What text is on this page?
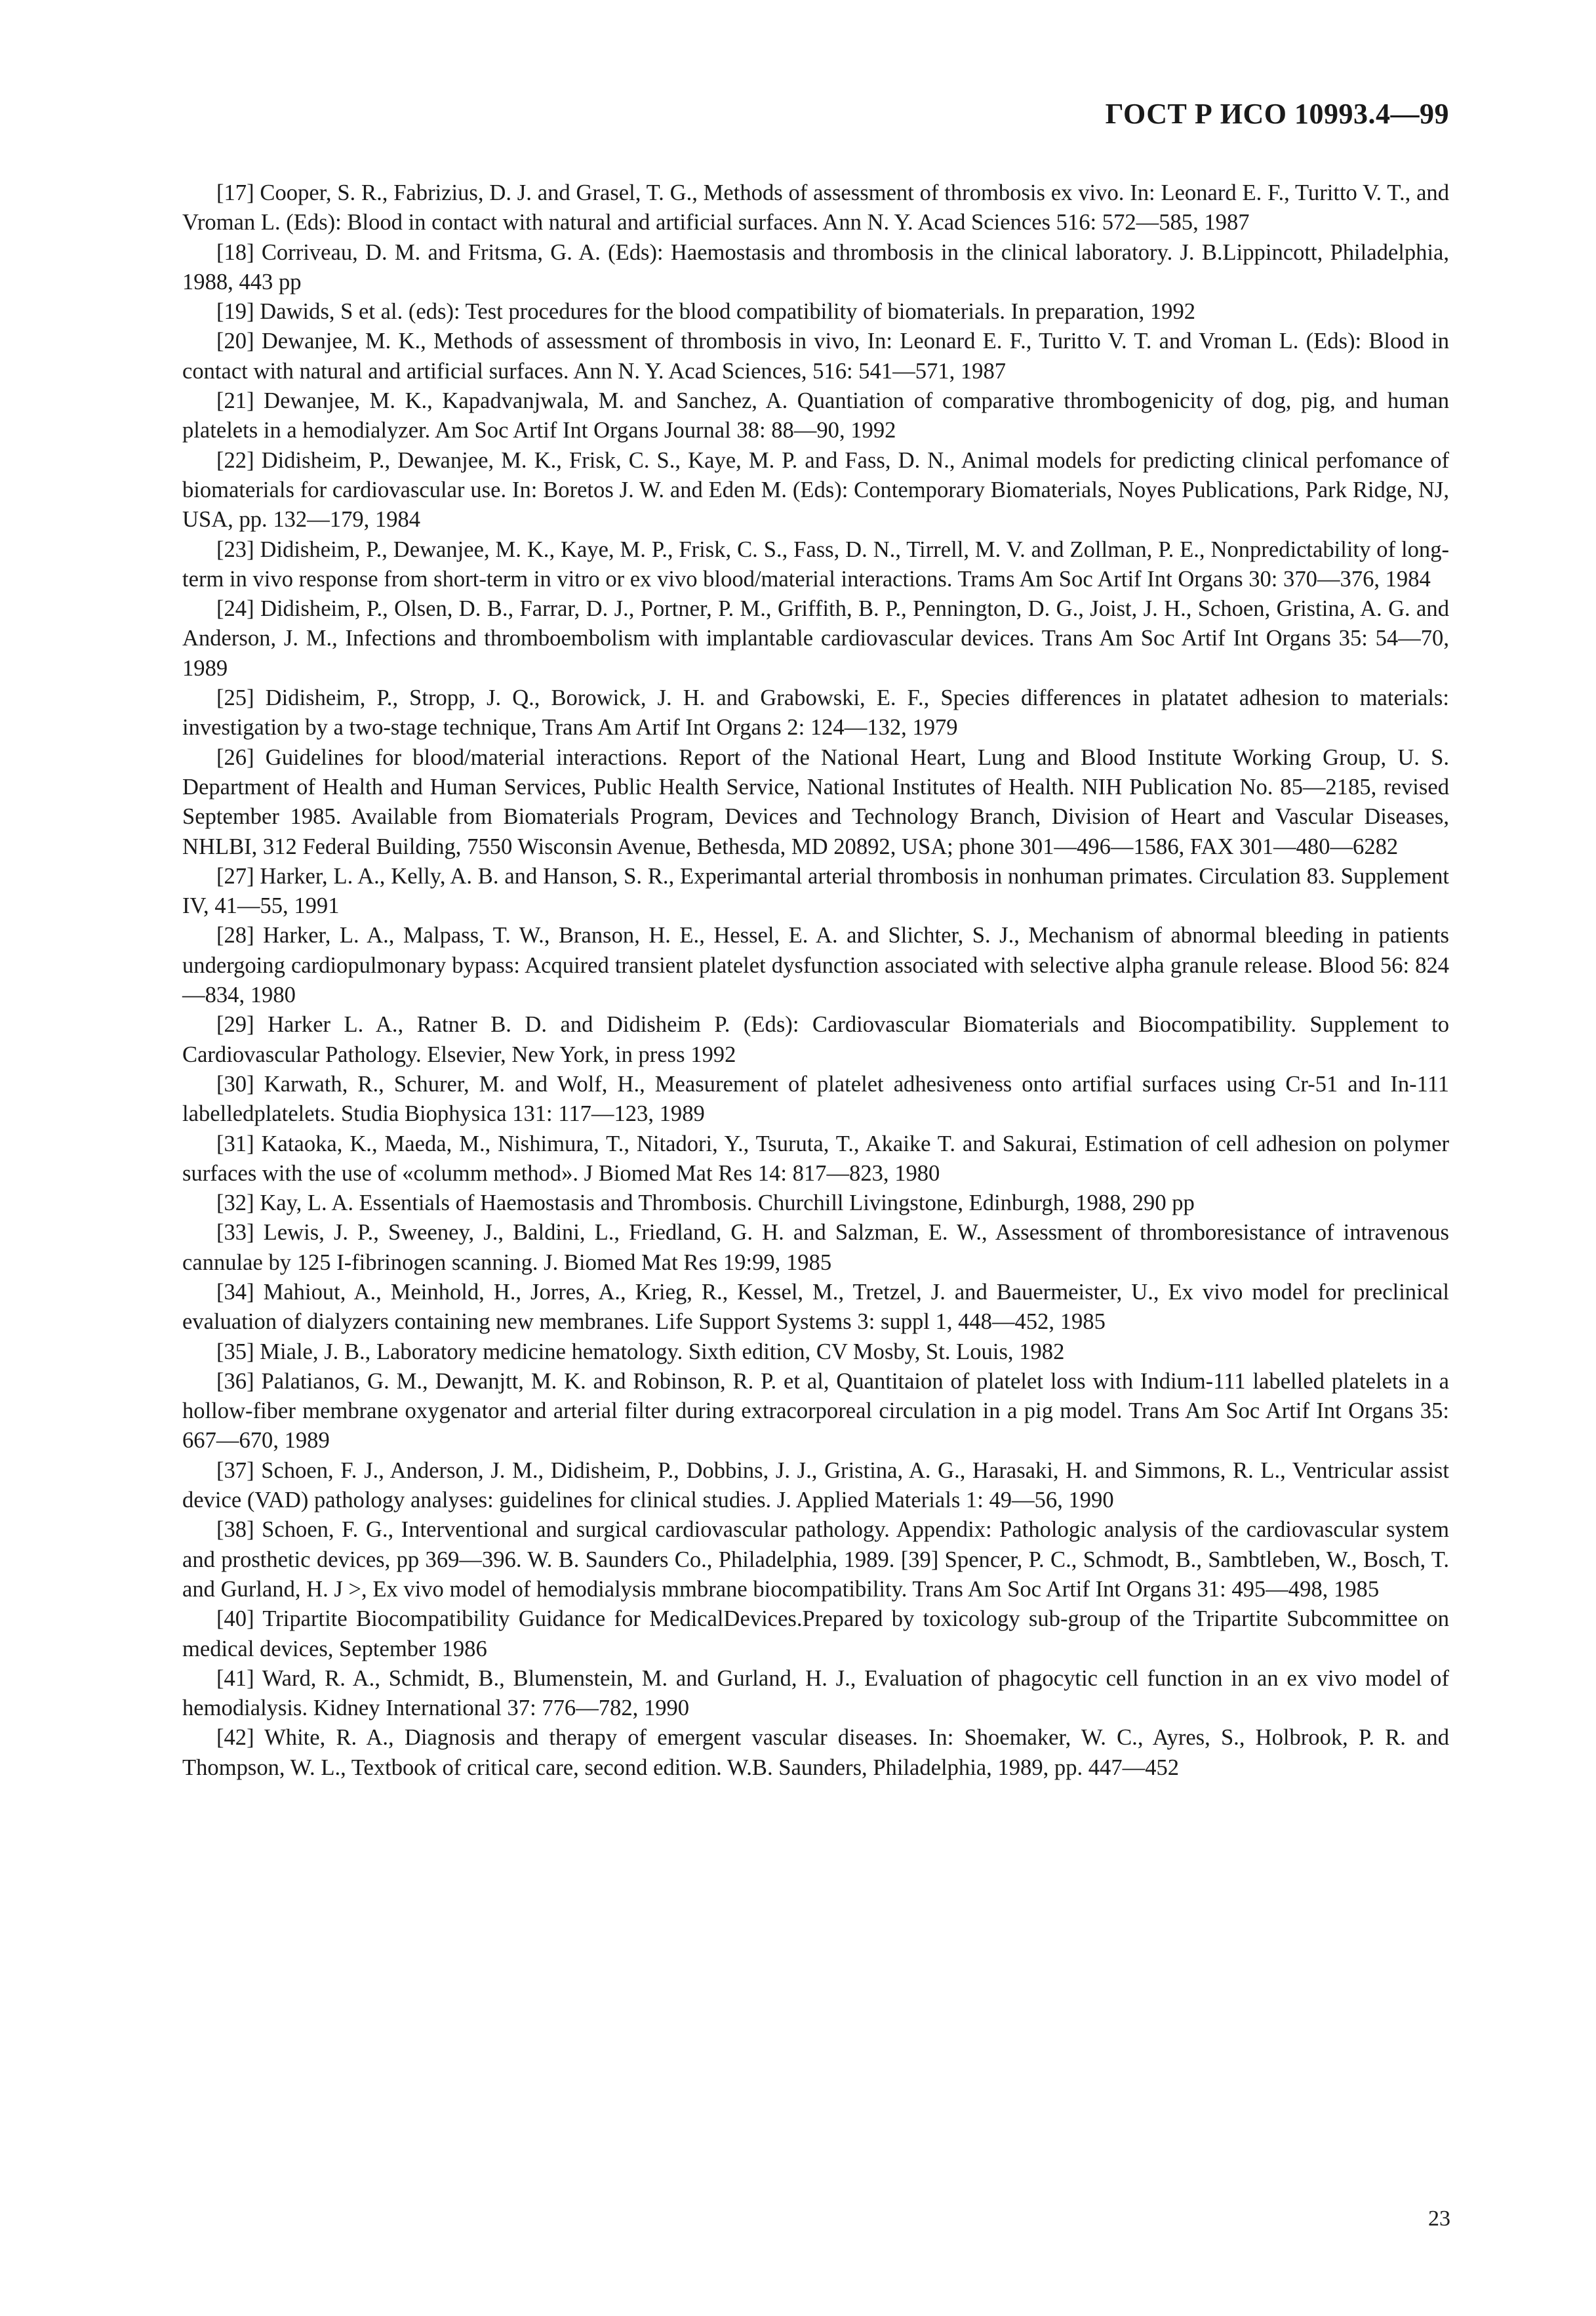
ГОСТ Р ИСО 10993.4—99

[17] Cooper, S. R., Fabrizius, D. J. and Grasel, T. G., Methods of assessment of thrombosis ex vivo. In: Leonard E. F., Turitto V. T., and Vroman L. (Eds): Blood in contact with natural and artificial surfaces. Ann N. Y. Acad Sciences 516: 572—585, 1987

[18] Corriveau, D. M. and Fritsma, G. A. (Eds): Haemostasis and thrombosis in the clinical laboratory. J. B.Lippincott, Philadelphia, 1988, 443 pp

[19] Dawids, S et al. (eds): Test procedures for the blood compatibility of biomaterials. In preparation, 1992

[20] Dewanjee, M. K., Methods of assessment of thrombosis in vivo, In: Leonard E. F., Turitto V. T. and Vroman L. (Eds): Blood in contact with natural and artificial surfaces. Ann N. Y. Acad Sciences, 516: 541—571, 1987

[21] Dewanjee, M. K., Kapadvanjwala, M. and Sanchez, A. Quantiation of comparative thrombogenicity of dog, pig, and human platelets in a hemodialyzer. Am Soc Artif Int Organs Journal 38: 88—90, 1992

[22] Didisheim, P., Dewanjee, M. K., Frisk, C. S., Kaye, M. P. and Fass, D. N., Animal models for predicting clinical perfomance of biomaterials for cardiovascular use. In: Boretos J. W. and Eden M. (Eds): Contemporary Biomaterials, Noyes Publications, Park Ridge, NJ, USA, pp. 132—179, 1984

[23] Didisheim, P., Dewanjee, M. K., Kaye, M. P., Frisk, C. S., Fass, D. N., Tirrell, M. V. and Zollman, P. E., Nonpredictability of long-term in vivo response from short-term in vitro or ex vivo blood/material interactions. Trams Am Soc Artif Int Organs 30: 370—376, 1984

[24] Didisheim, P., Olsen, D. B., Farrar, D. J., Portner, P. M., Griffith, B. P., Pennington, D. G., Joist, J. H., Schoen, Gristina, A. G. and Anderson, J. M., Infections and thromboembolism with implantable cardiovascular devices. Trans Am Soc Artif Int Organs 35: 54—70, 1989

[25] Didisheim, P., Stropp, J. Q., Borowick, J. H. and Grabowski, E. F., Species differences in platatet adhesion to materials: investigation by a two-stage technique, Trans Am Artif Int Organs 2: 124—132, 1979

[26] Guidelines for blood/material interactions. Report of the National Heart, Lung and Blood Institute Working Group, U. S. Department of Health and Human Services, Public Health Service, National Institutes of Health. NIH Publication No. 85—2185, revised September 1985. Available from Biomaterials Program, Devices and Technology Branch, Division of Heart and Vascular Diseases, NHLBI, 312 Federal Building, 7550 Wisconsin Avenue, Bethesda, MD 20892, USA; phone 301—496—1586, FAX 301—480—6282

[27] Harker, L. A., Kelly, A. B. and Hanson, S. R., Experimantal arterial thrombosis in nonhuman primates. Circulation 83. Supplement IV, 41—55, 1991

[28] Harker, L. A., Malpass, T. W., Branson, H. E., Hessel, E. A. and Slichter, S. J., Mechanism of abnormal bleeding in patients undergoing cardiopulmonary bypass: Acquired transient platelet dysfunction associated with selective alpha granule release. Blood 56: 824—834, 1980

[29] Harker L. A., Ratner B. D. and Didisheim P. (Eds): Cardiovascular Biomaterials and Biocompatibility. Supplement to Cardiovascular Pathology. Elsevier, New York, in press 1992

[30] Karwath, R., Schurer, M. and Wolf, H., Measurement of platelet adhesiveness onto artifial surfaces using Cr-51 and In-111 labelledplatelets. Studia Biophysica 131: 117—123, 1989

[31] Kataoka, K., Maeda, M., Nishimura, T., Nitadori, Y., Tsuruta, T., Akaike T. and Sakurai, Estimation of cell adhesion on polymer surfaces with the use of «columm method». J Biomed Mat Res 14: 817—823, 1980

[32] Kay, L. A. Essentials of Haemostasis and Thrombosis. Churchill Livingstone, Edinburgh, 1988, 290 pp

[33] Lewis, J. P., Sweeney, J., Baldini, L., Friedland, G. H. and Salzman, E. W., Assessment of thromboresistance of intravenous cannulae by 125 I-fibrinogen scanning. J. Biomed Mat Res 19:99, 1985

[34] Mahiout, A., Meinhold, H., Jorres, A., Krieg, R., Kessel, M., Tretzel, J. and Bauermeister, U., Ex vivo model for preclinical evaluation of dialyzers containing new membranes. Life Support Systems 3: suppl 1, 448—452, 1985

[35] Miale, J. B., Laboratory medicine hematology. Sixth edition, CV Mosby, St. Louis, 1982

[36] Palatianos, G. M., Dewanjtt, M. K. and Robinson, R. P. et al, Quantitaion of platelet loss with Indium-111 labelled platelets in a hollow-fiber membrane oxygenator and arterial filter during extracorporeal circulation in a pig model. Trans Am Soc Artif Int Organs 35: 667—670, 1989

[37] Schoen, F. J., Anderson, J. M., Didisheim, P., Dobbins, J. J., Gristina, A. G., Harasaki, H. and Simmons, R. L., Ventricular assist device (VAD) pathology analyses: guidelines for clinical studies. J. Applied Materials 1: 49—56, 1990

[38] Schoen, F. G., Interventional and surgical cardiovascular pathology. Appendix: Pathologic analysis of the cardiovascular system and prosthetic devices, pp 369—396. W. B. Saunders Co., Philadelphia, 1989. [39] Spencer, P. C., Schmodt, B., Sambtleben, W., Bosch, T. and Gurland, H. J >, Ex vivo model of hemodialysis mmbrane biocompatibility. Trans Am Soc Artif Int Organs 31: 495—498, 1985

[40] Tripartite Biocompatibility Guidance for MedicalDevices.Prepared by toxicology sub-group of the Tripartite Subcommittee on medical devices, September 1986

[41] Ward, R. A., Schmidt, B., Blumenstein, M. and Gurland, H. J., Evaluation of phagocytic cell function in an ex vivo model of hemodialysis. Kidney International 37: 776—782, 1990

[42] White, R. A., Diagnosis and therapy of emergent vascular diseases. In: Shoemaker, W. C., Ayres, S., Holbrook, P. R. and Thompson, W. L., Textbook of critical care, second edition. W.B. Saunders, Philadelphia, 1989, pp. 447—452

23
